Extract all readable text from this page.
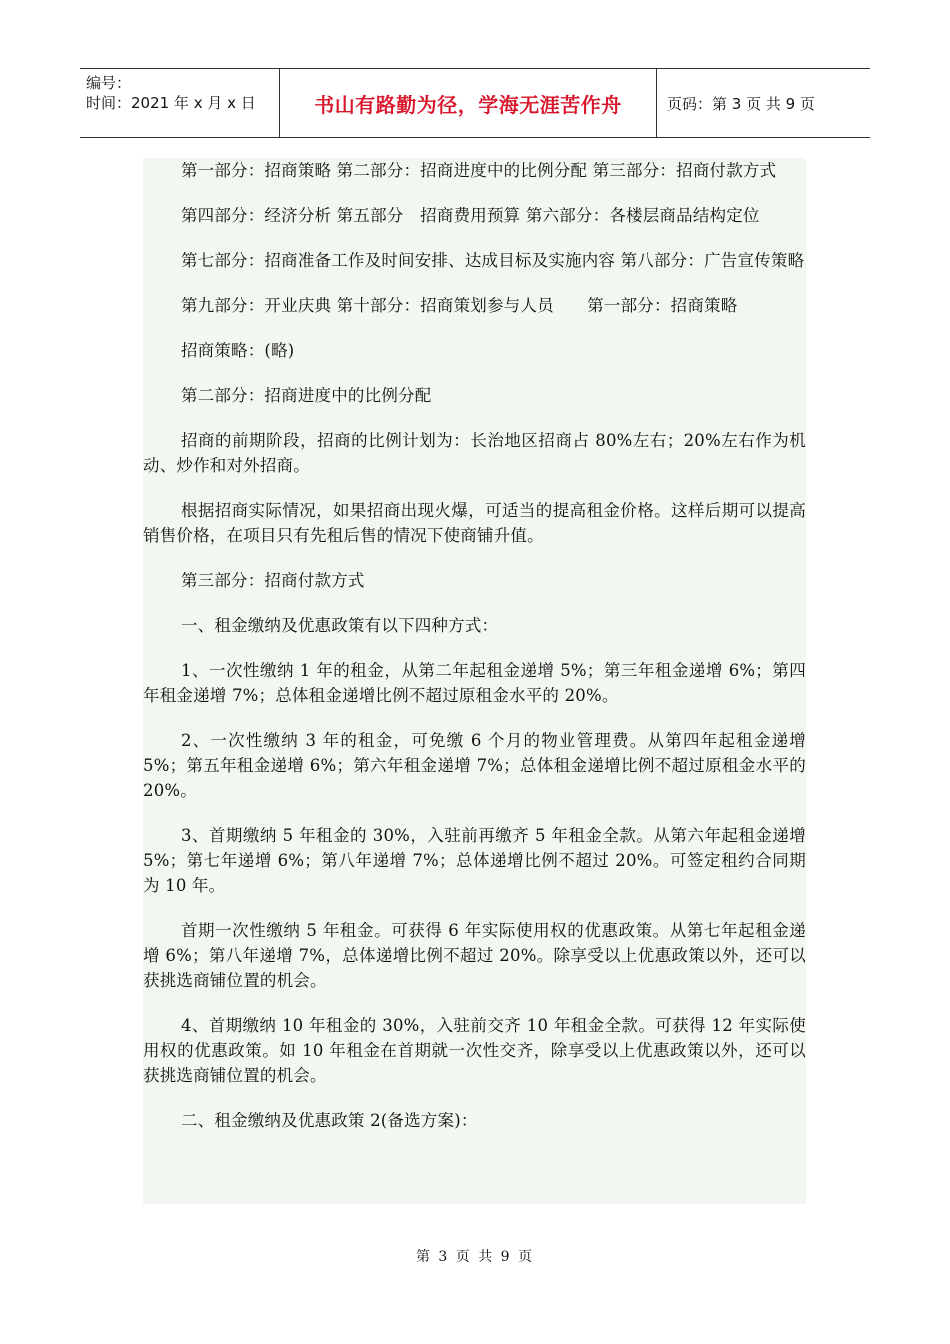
编号：
时间：2021 年 x 月 x 日	书山有路勤为径，学海无涯苦作舟	页码：第 3 页 共 9 页

第一部分：招商策略 第二部分：招商进度中的比例分配 第三部分：招商付款方式

第四部分：经济分析 第五部分　招商费用预算 第六部分：各楼层商品结构定位

第七部分：招商准备工作及时间安排、达成目标及实施内容 第八部分：广告宣传策略

第九部分：开业庆典 第十部分：招商策划参与人员　　第一部分：招商策略

招商策略：(略)

第二部分：招商进度中的比例分配

招商的前期阶段，招商的比例计划为：长治地区招商占 80%左右；20%左右作为机动、炒作和对外招商。

根据招商实际情况，如果招商出现火爆，可适当的提高租金价格。这样后期可以提高销售价格，在项目只有先租后售的情况下使商铺升值。

第三部分：招商付款方式

一、租金缴纳及优惠政策有以下四种方式：

1、一次性缴纳 1 年的租金，从第二年起租金递增 5%；第三年租金递增 6%；第四年租金递增 7%；总体租金递增比例不超过原租金水平的 20%。

2、一次性缴纳 3 年的租金，可免缴 6 个月的物业管理费。从第四年起租金递增 5%；第五年租金递增 6%；第六年租金递增 7%；总体租金递增比例不超过原租金水平的 20%。

3、首期缴纳 5 年租金的 30%，入驻前再缴齐 5 年租金全款。从第六年起租金递增 5%；第七年递增 6%；第八年递增 7%；总体递增比例不超过 20%。可签定租约合同期为 10 年。

首期一次性缴纳 5 年租金。可获得 6 年实际使用权的优惠政策。从第七年起租金递增 6%；第八年递增 7%，总体递增比例不超过 20%。除享受以上优惠政策以外，还可以获挑选商铺位置的机会。

4、首期缴纳 10 年租金的 30%，入驻前交齐 10 年租金全款。可获得 12 年实际使用权的优惠政策。如 10 年租金在首期就一次性交齐，除享受以上优惠政策以外，还可以获挑选商铺位置的机会。

二、租金缴纳及优惠政策 2(备选方案)：

第 3 页 共 9 页
